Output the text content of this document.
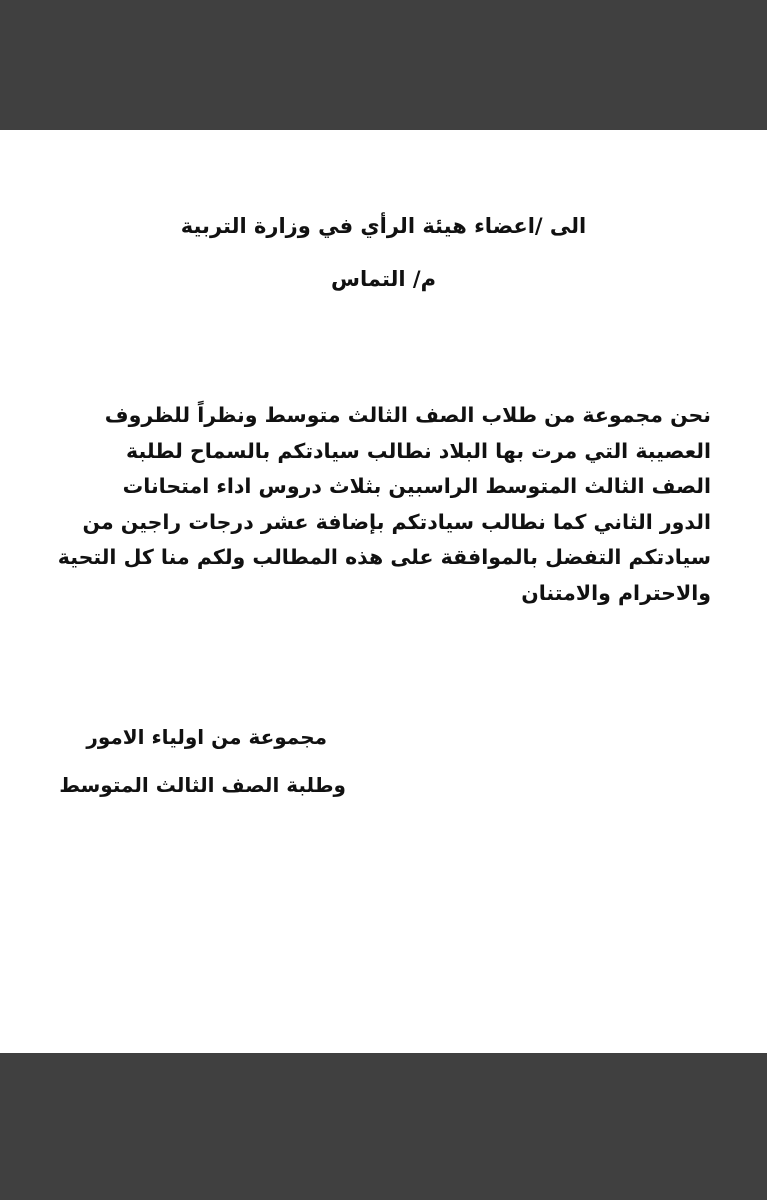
الى /اعضاء هيئة الرأي في وزارة التربية
م/ التماس
نحن مجموعة من طلاب الصف الثالث متوسط ونظراً للظروف
العصيبة التي مرت بها البلاد نطالب سيادتكم بالسماح لطلبة
الصف الثالث المتوسط الراسبين بثلاث دروس اداء امتحانات
الدور الثاني كما نطالب سيادتكم بإضافة عشر درجات راجين من
سيادتكم التفضل بالموافقة على هذه المطالب ولكم منا كل التحية
والاحترام والامتنان
مجموعة من اولياء الامور
وطلبة الصف الثالث المتوسط
